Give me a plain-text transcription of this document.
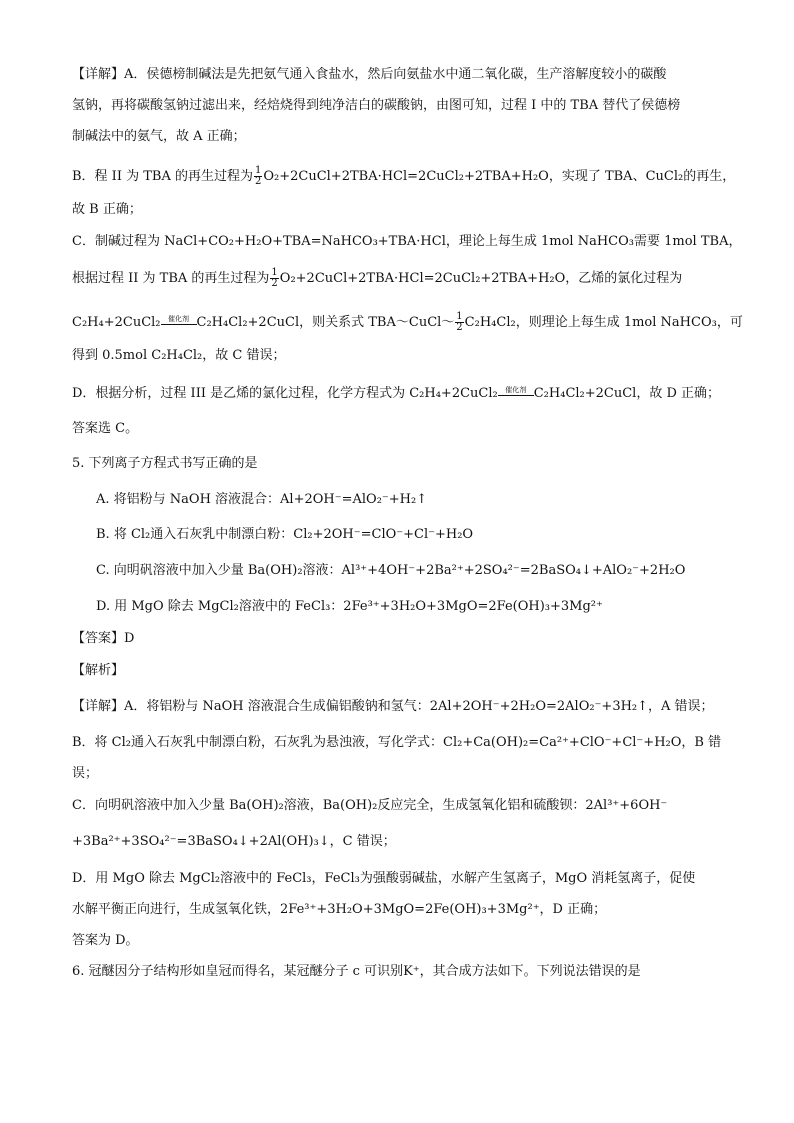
【详解】A．侯德榜制碱法是先把氨气通入食盐水，然后向氨盐水中通二氧化碳，生产溶解度较小的碳酸
氢钠，再将碳酸氢钠过滤出来，经焙烧得到纯净洁白的碳酸钠，由图可知，过程 I 中的 TBA 替代了侯德榜
制碱法中的氨气，故 A 正确；
B．程 II 为 TBA 的再生过程为 $\frac{1}{2}$ O₂+2CuCl+2TBA·HCl=2CuCl₂+2TBA+H₂O，实现了 TBA、CuCl₂的再生，
故 B 正确；
C．制碱过程为 NaCl+CO₂+H₂O+TBA=NaHCO₃+TBA·HCl，理论上每生成 1mol NaHCO₃需要 1mol TBA，
根据过程 II 为 TBA 的再生过程为 $\frac{1}{2}$ O₂+2CuCl+2TBA·HCl=2CuCl₂+2TBA+H₂O，乙烯的氯化过程为
C₂H₄+2CuCl₂	催化剂 C₂H₄Cl₂+2CuCl，则关系式 TBA～CuCl～ $\frac{1}{2} C_2H_4Cl_2$，则理论上每生成 1mol NaHCO₃，可
得到 0.5mol C₂H₄Cl₂，故 C 错误；
D．根据分析，过程 III 是乙烯的氯化过程，化学方程式为 C₂H₄+2CuCl₂	催化剂 C₂H₄Cl₂+2CuCl，故 D 正确；
答案选 C。
5. 下列离子方程式书写正确的是
A. 将铝粉与 NaOH 溶液混合：Al+2OH⁻=AlO₂⁻+H₂↑
B. 将 Cl₂通入石灰乳中制漂白粉：Cl₂+2OH⁻=ClO⁻+Cl⁻+H₂O
C. 向明矾溶液中加入少量 Ba(OH)₂溶液：Al³⁺+4OH⁻+2Ba²⁺+2SO₄²⁻=2BaSO₄↓+AlO₂⁻+2H₂O
D. 用 MgO 除去 MgCl₂溶液中的 FeCl₃：2Fe³⁺+3H₂O+3MgO=2Fe(OH)₃+3Mg²⁺
【答案】D
【解析】
【详解】A．将铝粉与 NaOH 溶液混合生成偏铝酸钠和氢气：2Al+2OH⁻+2H₂O=2AlO₂⁻+3H₂↑，A 错误；
B．将 Cl₂通入石灰乳中制漂白粉，石灰乳为悬浊液，写化学式：Cl₂+Ca(OH)₂=Ca²⁺+ClO⁻+Cl⁻+H₂O，B 错
误；
C．向明矾溶液中加入少量 Ba(OH)₂溶液，Ba(OH)₂反应完全，生成氢氧化铝和硫酸钡：2Al³⁺+6OH⁻
+3Ba²⁺+3SO₄²⁻=3BaSO₄↓+2Al(OH)₃↓，C 错误；
D．用 MgO 除去 MgCl₂溶液中的 FeCl₃，FeCl₃为强酸弱碱盐，水解产生氢离子，MgO 消耗氢离子，促使
水解平衡正向进行，生成氢氧化铁，2Fe³⁺+3H₂O+3MgO=2Fe(OH)₃+3Mg²⁺，D 正确；
答案为 D。
6. 冠醚因分子结构形如皇冠而得名，某冠醚分子 c 可识别K⁺，其合成方法如下。下列说法错误的是
